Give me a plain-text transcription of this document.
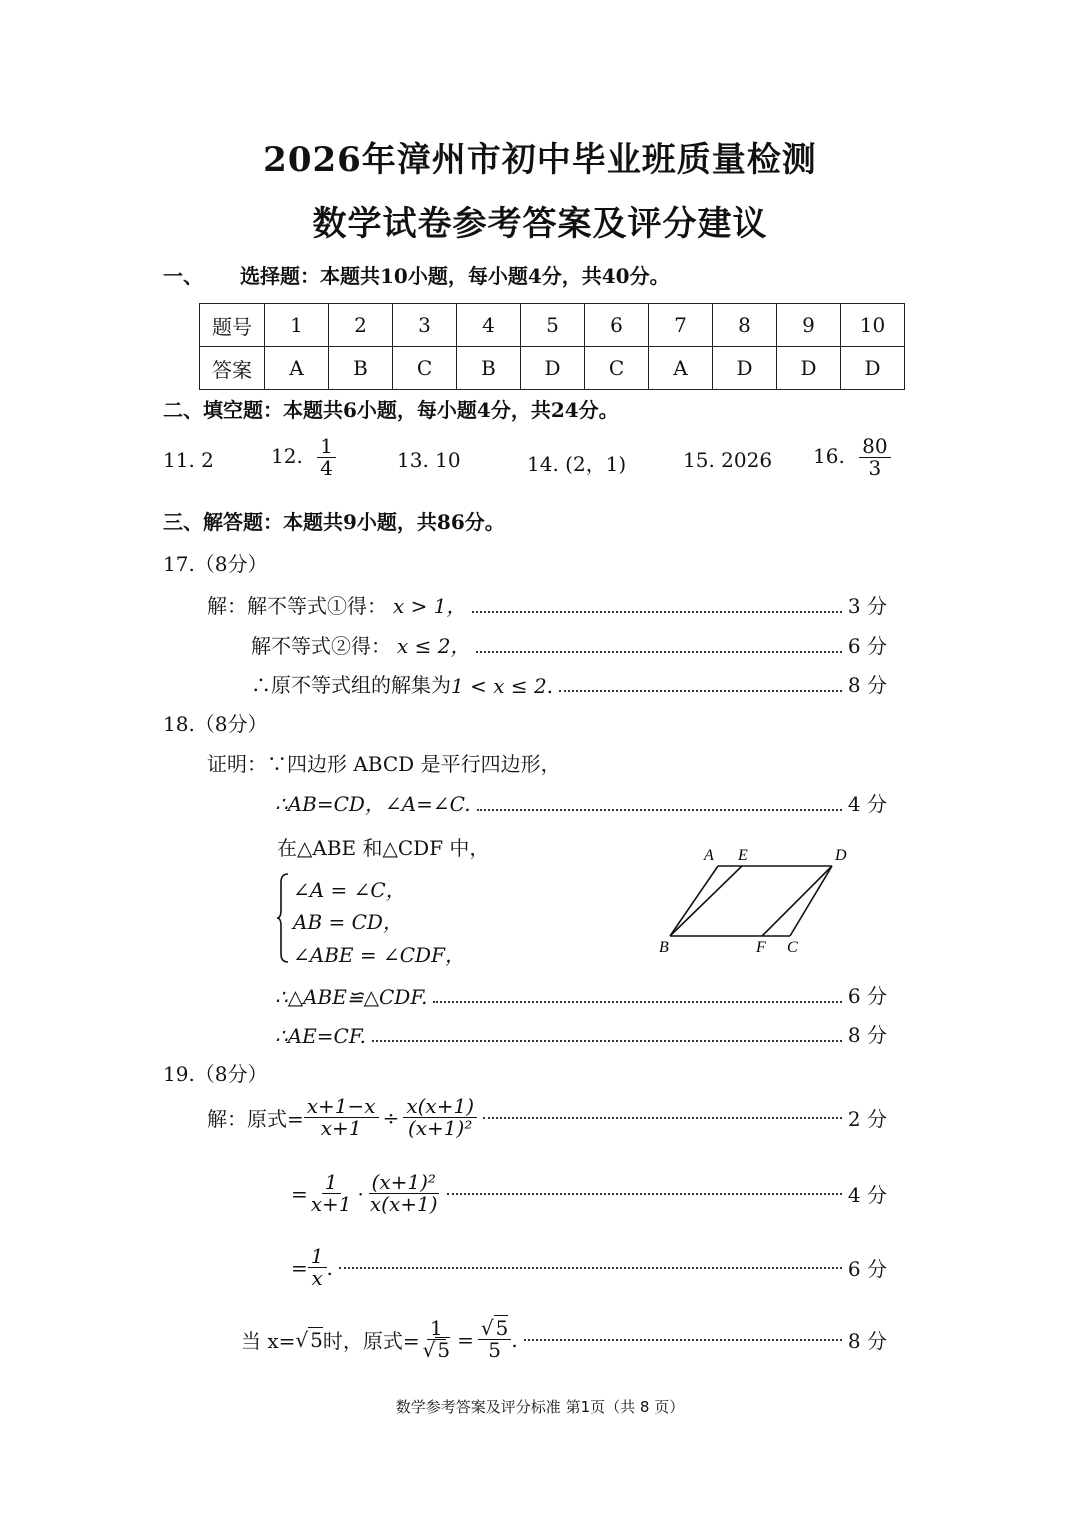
2026年漳州市初中毕业班质量检测
数学试卷参考答案及评分建议
一、 选择题：本题共10小题，每小题4分，共40分。
题号	1	2	3	4	5	6	7	8	9	10
答案	A	B	C	B	D	C	A	D	D	D
二、填空题：本题共6小题，每小题4分，共24分。
11. 2	12. $\frac{1}{4}$	13. 10	14. (2，1)	15. 2026 16. $\frac{80}{3}$
三、解答题：本题共9小题，共86分。
17.（8分）
解：解不等式①得： x > 1，	3 分
解不等式②得： x ≤ 2，	6 分
∴原不等式组的解集为 1 < x ≤ 2.	8 分
18.（8分）
证明：∵四边形 ABCD 是平行四边形，
∴AB=CD，∠A=∠C.	4 分
在△ABE 和△CDF 中，
∠A = ∠C，
AB = CD，
∠ABE = ∠CDF，
A E	D
B	F C
∴△ABE≌△CDF.	6 分
∴AE=CF.	8 分
19.（8分）
解：原式= $\frac{x+1-x}{x+1} \div \frac{x(x+1)}{\text{(x+1)²}}$	2 分
= $\frac{1}{x+1} \cdot \frac{\text{(x+1)²}}{x(x+1)}$	4 分
= $\frac{1}{x}$ .	6 分
当 x= √ 5 时，原式= $\frac{1}{√ 5} = \frac{√ 5}{5}$ .	8 分
数学参考答案及评分标准 第1页（共 8 页）
